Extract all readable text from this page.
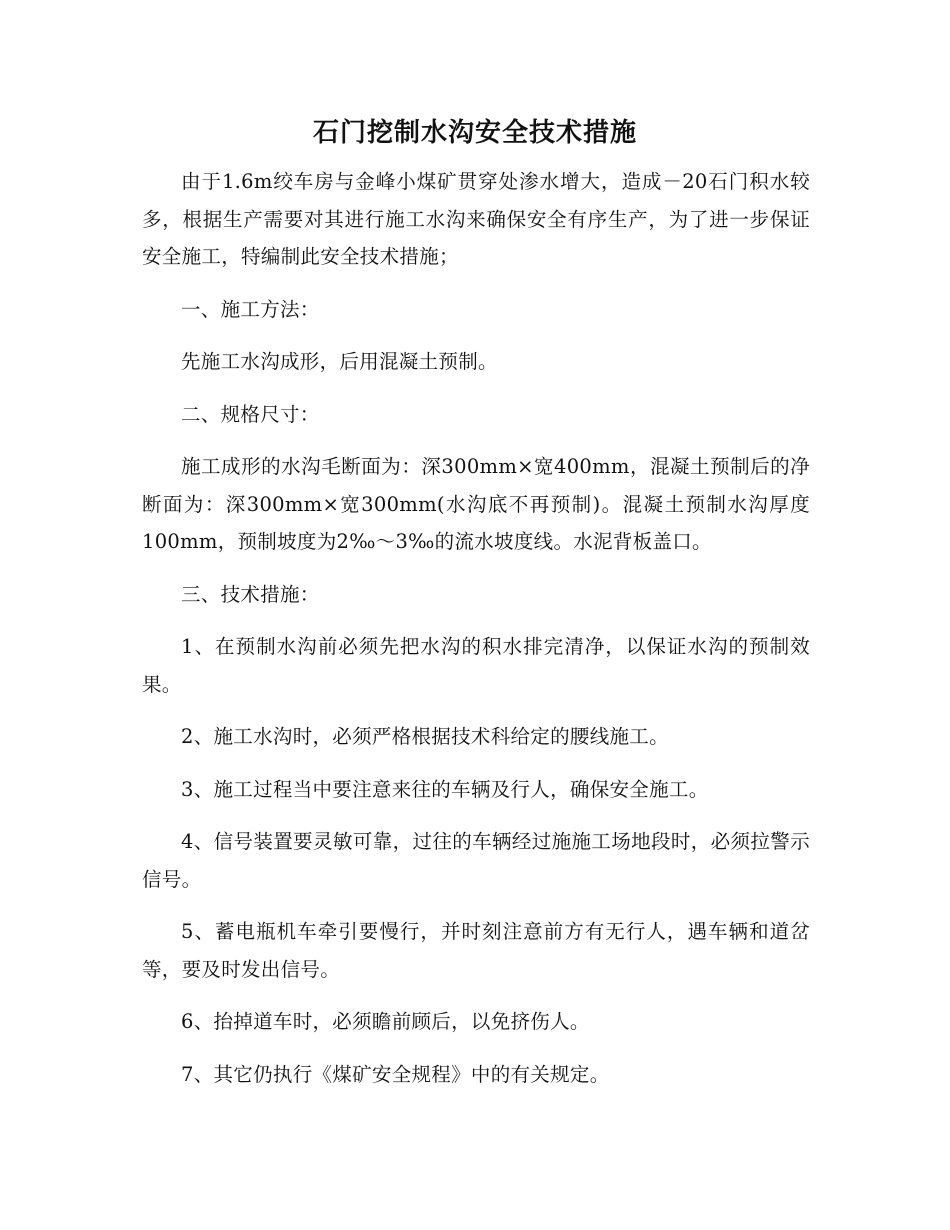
石门挖制水沟安全技术措施

由于1.6m绞车房与金峰小煤矿贯穿处渗水增大，造成－20石门积水较多，根据生产需要对其进行施工水沟来确保安全有序生产，为了进一步保证安全施工，特编制此安全技术措施；

一、施工方法：

先施工水沟成形，后用混凝土预制。

二、规格尺寸：

施工成形的水沟毛断面为：深300mm×宽400mm，混凝土预制后的净断面为：深300mm×宽300mm(水沟底不再预制)。混凝土预制水沟厚度100mm，预制坡度为2‰～3‰的流水坡度线。水泥背板盖口。

三、技术措施：

1、在预制水沟前必须先把水沟的积水排完清净，以保证水沟的预制效果。

2、施工水沟时，必须严格根据技术科给定的腰线施工。

3、施工过程当中要注意来往的车辆及行人，确保安全施工。

4、信号装置要灵敏可靠，过往的车辆经过施施工场地段时，必须拉警示信号。

5、蓄电瓶机车牵引要慢行，并时刻注意前方有无行人，遇车辆和道岔等，要及时发出信号。

6、抬掉道车时，必须瞻前顾后，以免挤伤人。

7、其它仍执行《煤矿安全规程》中的有关规定。
